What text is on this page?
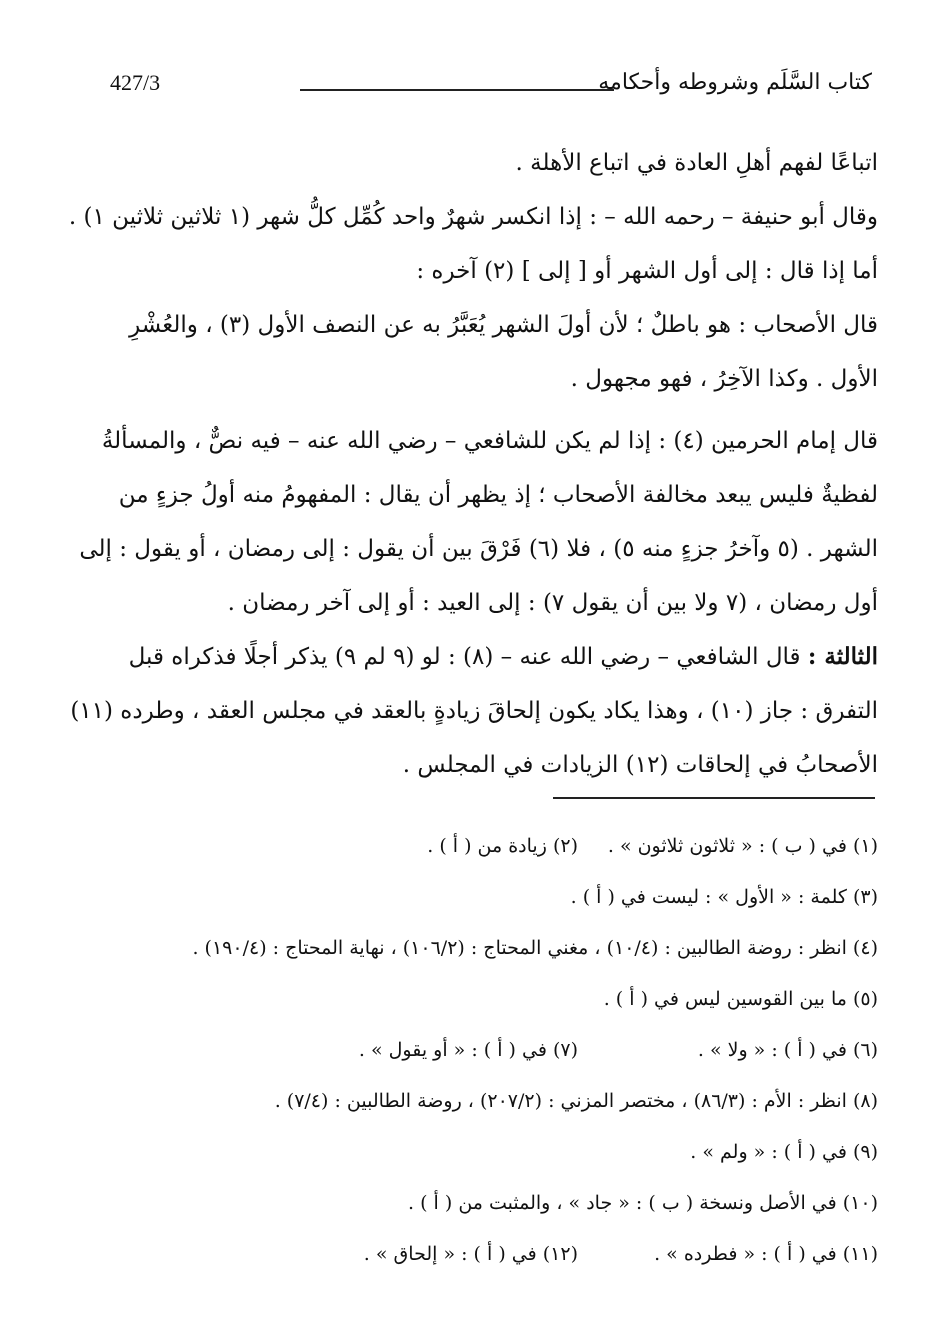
كتاب السَّلَم وشروطه وأحكامه
427/3
اتباعًا لفهم أهلِ العادة في اتباع الأهلة .
وقال أبو حنيفة – رحمه الله – : إذا انكسر شهرٌ واحد كُمِّل كلُّ شهر (١ ثلاثين ثلاثين ١) .
أما إذا قال : إلى أول الشهر أو [ إلى ] (٢) آخره :
قال الأصحاب : هو باطلٌ ؛ لأن أولَ الشهر يُعَبَّرُ به عن النصف الأول (٣) ، والعُشْرِ
الأول . وكذا الآخِرُ ، فهو مجهول .
قال إمام الحرمين (٤) : إذا لم يكن للشافعي – رضي الله عنه – فيه نصٌّ ، والمسألةُ
لفظيةٌ فليس يبعد مخالفة الأصحاب ؛ إذ يظهر أن يقال : المفهومُ منه أولُ جزءٍ من
الشهر . (٥ وآخرُ جزءٍ منه ٥) ، فلا (٦) فَرْقَ بين أن يقول : إلى رمضان ، أو يقول : إلى
أول رمضان ، (٧ ولا بين أن يقول ٧) : إلى العيد : أو إلى آخر رمضان .
الثالثة : قال الشافعي – رضي الله عنه – (٨) : لو (٩ لم ٩) يذكر أجلًا فذكراه قبل
التفرق : جاز (١٠) ، وهذا يكاد يكون إلحاقَ زيادةٍ بالعقد في مجلس العقد ، وطرده (١١)
الأصحابُ في إلحاقات (١٢) الزيادات في المجلس .
(١) في ( ب ) : « ثلاثون ثلاثون » .(٢) زيادة من ( أ ) .
(٣) كلمة : « الأول » : ليست في ( أ ) .
(٤) انظر : روضة الطالبين : (١٠/٤) ، مغني المحتاج : (١٠٦/٢) ، نهاية المحتاج : (١٩٠/٤) .
(٥) ما بين القوسين ليس في ( أ ) .
(٦) في ( أ ) : « ولا » .(٧) في ( أ ) : « أو يقول » .
(٨) انظر : الأم : (٨٦/٣) ، مختصر المزني : (٢٠٧/٢) ، روضة الطالبين : (٧/٤) .
(٩) في ( أ ) : « ولم » .
(١٠) في الأصل ونسخة ( ب ) : « جاد » ، والمثبت من ( أ ) .
(١١) في ( أ ) : « فطرده » .(١٢) في ( أ ) : « إلحاق » .
